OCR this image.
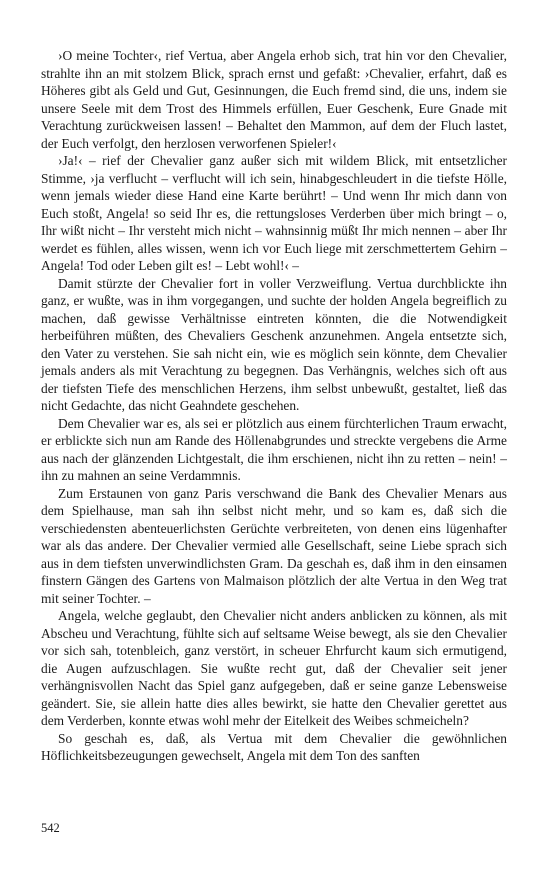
›O meine Tochter‹, rief Vertua, aber Angela erhob sich, trat hin vor den Chevalier, strahlte ihn an mit stolzem Blick, sprach ernst und gefaßt: ›Chevalier, erfahrt, daß es Höheres gibt als Geld und Gut, Gesinnungen, die Euch fremd sind, die uns, indem sie unsere Seele mit dem Trost des Himmels erfüllen, Euer Geschenk, Eure Gnade mit Verachtung zurückweisen lassen! – Behaltet den Mammon, auf dem der Fluch lastet, der Euch verfolgt, den herzlosen verworfenen Spieler!‹

›Ja!‹ – rief der Chevalier ganz außer sich mit wildem Blick, mit entsetzlicher Stimme, ›ja verflucht – verflucht will ich sein, hinabgeschleudert in die tiefste Hölle, wenn jemals wieder diese Hand eine Karte berührt! – Und wenn Ihr mich dann von Euch stoßt, Angela! so seid Ihr es, die rettungsloses Verderben über mich bringt – o, Ihr wißt nicht – Ihr versteht mich nicht – wahnsinnig müßt Ihr mich nennen – aber Ihr werdet es fühlen, alles wissen, wenn ich vor Euch liege mit zerschmettertem Gehirn – Angela! Tod oder Leben gilt es! – Lebt wohl!‹ –

Damit stürzte der Chevalier fort in voller Verzweiflung. Vertua durchblickte ihn ganz, er wußte, was in ihm vorgegangen, und suchte der holden Angela begreiflich zu machen, daß gewisse Verhältnisse eintreten könnten, die die Notwendigkeit herbeiführen müßten, des Chevaliers Geschenk anzunehmen. Angela entsetzte sich, den Vater zu verstehen. Sie sah nicht ein, wie es möglich sein könnte, dem Chevalier jemals anders als mit Verachtung zu begegnen. Das Verhängnis, welches sich oft aus der tiefsten Tiefe des menschlichen Herzens, ihm selbst unbewußt, gestaltet, ließ das nicht Gedachte, das nicht Geahndete geschehen.

Dem Chevalier war es, als sei er plötzlich aus einem fürchterlichen Traum erwacht, er erblickte sich nun am Rande des Höllenabgrundes und streckte vergebens die Arme aus nach der glänzenden Lichtgestalt, die ihm erschienen, nicht ihn zu retten – nein! – ihn zu mahnen an seine Verdammnis.

Zum Erstaunen von ganz Paris verschwand die Bank des Chevalier Menars aus dem Spielhause, man sah ihn selbst nicht mehr, und so kam es, daß sich die verschiedensten abenteuerlichsten Gerüchte verbreiteten, von denen eins lügenhafter war als das andere. Der Chevalier vermied alle Gesellschaft, seine Liebe sprach sich aus in dem tiefsten unverwindlichsten Gram. Da geschah es, daß ihm in den einsamen finstern Gängen des Gartens von Malmaison plötzlich der alte Vertua in den Weg trat mit seiner Tochter. –

Angela, welche geglaubt, den Chevalier nicht anders anblicken zu können, als mit Abscheu und Verachtung, fühlte sich auf seltsame Weise bewegt, als sie den Chevalier vor sich sah, totenbleich, ganz verstört, in scheuer Ehrfurcht kaum sich ermutigend, die Augen aufzuschlagen. Sie wußte recht gut, daß der Chevalier seit jener verhängnisvollen Nacht das Spiel ganz aufgegeben, daß er seine ganze Lebensweise geändert. Sie, sie allein hatte dies alles bewirkt, sie hatte den Chevalier gerettet aus dem Verderben, konnte etwas wohl mehr der Eitelkeit des Weibes schmeicheln?

So geschah es, daß, als Vertua mit dem Chevalier die gewöhnlichen Höflichkeitsbezeugungen gewechselt, Angela mit dem Ton des sanften

542
